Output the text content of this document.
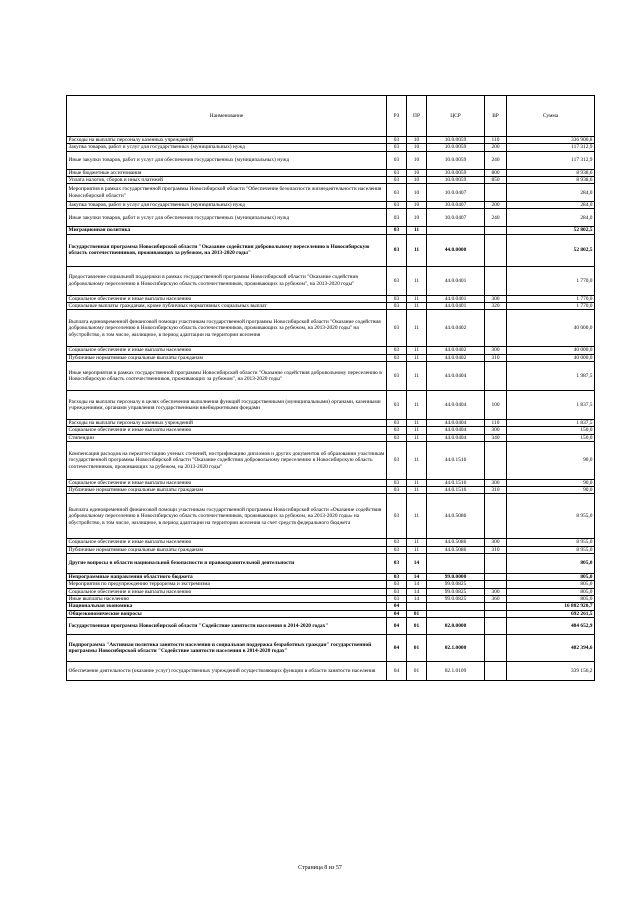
Наименование	РЗ	ПР	ЦСР	ВР	Сумма
Расходы на выплаты персоналу казенных учреждений	03	10	10.0.0059	110	336 900,8
Закупка товаров, работ и услуг для государственных (муниципальных) нужд	03	10	10.0.0059	200	117 312,9
Иные закупки товаров, работ и услуг для обеспечения государственных (муниципальных) нужд	03	10	10.0.0059	240	117 312,9
Иные бюджетные ассигнования	03	10	10.0.0059	800	8 938,6
Уплата налогов, сборов и иных платежей	03	10	10.0.0059	850	8 938,6
Мероприятия в рамках государственной программы Новосибирской области "Обеспечение безопасности жизнедеятельности населения Новосибирской области"	03	10	10.0.0407		284,0
Закупка товаров, работ и услуг для государственных (муниципальных) нужд	03	10	10.0.0407	200	284,0
Иные закупки товаров, работ и услуг для обеспечения государственных (муниципальных) нужд	03	10	10.0.0407	240	284,0
Миграционная политика	03	11			52 802,5
Государственная программа Новосибирской области "Оказание содействия добровольному переселению в Новосибирскую область соотечественников, проживающих за рубежом, на 2013-2020 годы"	03	11	44.0.0000		52 802,5
Предоставление социальной поддержки в рамках государственной программы Новосибирской области "Оказание содействия добровольному переселению в Новосибирскую область соотечественников, проживающих за рубежом", на 2013-2020 годы"	03	11	44.0.0401		1 770,0
Социальное обеспечение и иные выплаты населению	03	11	44.0.0401	300	1 770,0
Социальные выплаты гражданам, кроме публичных нормативных социальных выплат	03	11	44.0.0401	320	1 770,0
Выплата единовременной финансовой помощи участникам государственной программы Новосибирской области "Оказание содействия добровольному переселению в Новосибирскую область соотечественников, проживающих за рубежом, на 2013-2020 годы" на обустройство, в том числе, жилищное, в период адаптации на территории вселения	03	11	44.0.0402		40 000,0
Социальное обеспечение и иные выплаты населению	03	11	44.0.0402	300	40 000,0
Публичные нормативные социальные выплаты гражданам	03	11	44.0.0402	310	40 000,0
Иные мероприятия в рамках государственной программы Новосибирской области "Оказание содействия добровольному переселению в Новосибирскую область соотечественников, проживающих за рубежом", на 2013-2020 годы"	03	11	44.0.0404		1 987,5
Расходы на выплаты персоналу в целях обеспечения выполнения функций государственными (муниципальными) органами, казенными учреждениями, органами управления государственными внебюджетными фондами	03	11	44.0.0404	100	1 837,5
Расходы на выплаты персоналу казенных учреждений	03	11	44.0.0404	110	1 837,5
Социальное обеспечение и иные выплаты населению	03	11	44.0.0404	300	150,0
Стипендии	03	11	44.0.0404	340	150,0
Компенсация расходов на переаттестацию ученых степеней, нострификацию дипломов и других документов об образовании участникам государственной программы Новосибирской области "Оказание содействия добровольному переселению в Новосибирскую область соотечественников, проживающих за рубежом, на 2013-2020 годы"	03	11	44.0.1516		90,0
Социальное обеспечение и иные выплаты населению	03	11	44.0.1516	300	90,0
Публичные нормативные социальные выплаты гражданам	03	11	44.0.1516	310	90,0
Выплата единовременной финансовой помощи участникам государственной программы Новосибирской области «Оказание содействия добровольному переселению в Новосибирскую область соотечественников, проживающих за рубежом, на 2013-2020 годы» на обустройство, в том числе, жилищное, в период адаптации на территории вселения за счет средств федерального бюджета	03	11	44.0.5086		8 955,0
Социальное обеспечение и иные выплаты населению	03	11	44.0.5086	300	8 955,0
Публичные нормативные социальные выплаты гражданам	03	11	44.0.5086	310	8 955,0
Другие вопросы в области национальной безопасности и правоохранительной деятельности	03	14			805,0
Непрограммные направления областного бюджета	03	14	99.0.0000		805,0
Мероприятия по предупреждению терроризма и экстремизма	03	14	99.0.0825		805,0
Социальное обеспечение и иные выплаты населению	03	14	99.0.0825	300	805,0
Иные выплаты населению	03	14	99.0.0825	360	805,0
Национальная экономика	04				16 802 920,7
Общеэкономические вопросы	04	01			692 261,5
Государственная программа Новосибирской области "Содействие занятости населения в 2014-2020 годах"	04	01	02.0.0000		484 652,9
Подпрограмма "Активная политика занятости населения и социальная поддержка безработных граждан" государственной программы Новосибирской области "Содействие занятости населения в 2014-2020 годах"	04	01	02.1.0000		482 394,6
Обеспечение деятельности (оказание услуг) государственных учреждений осуществляющих функции в области занятости населения	04	01	02.1.0109		339 156,2
Страница 8 из 57
